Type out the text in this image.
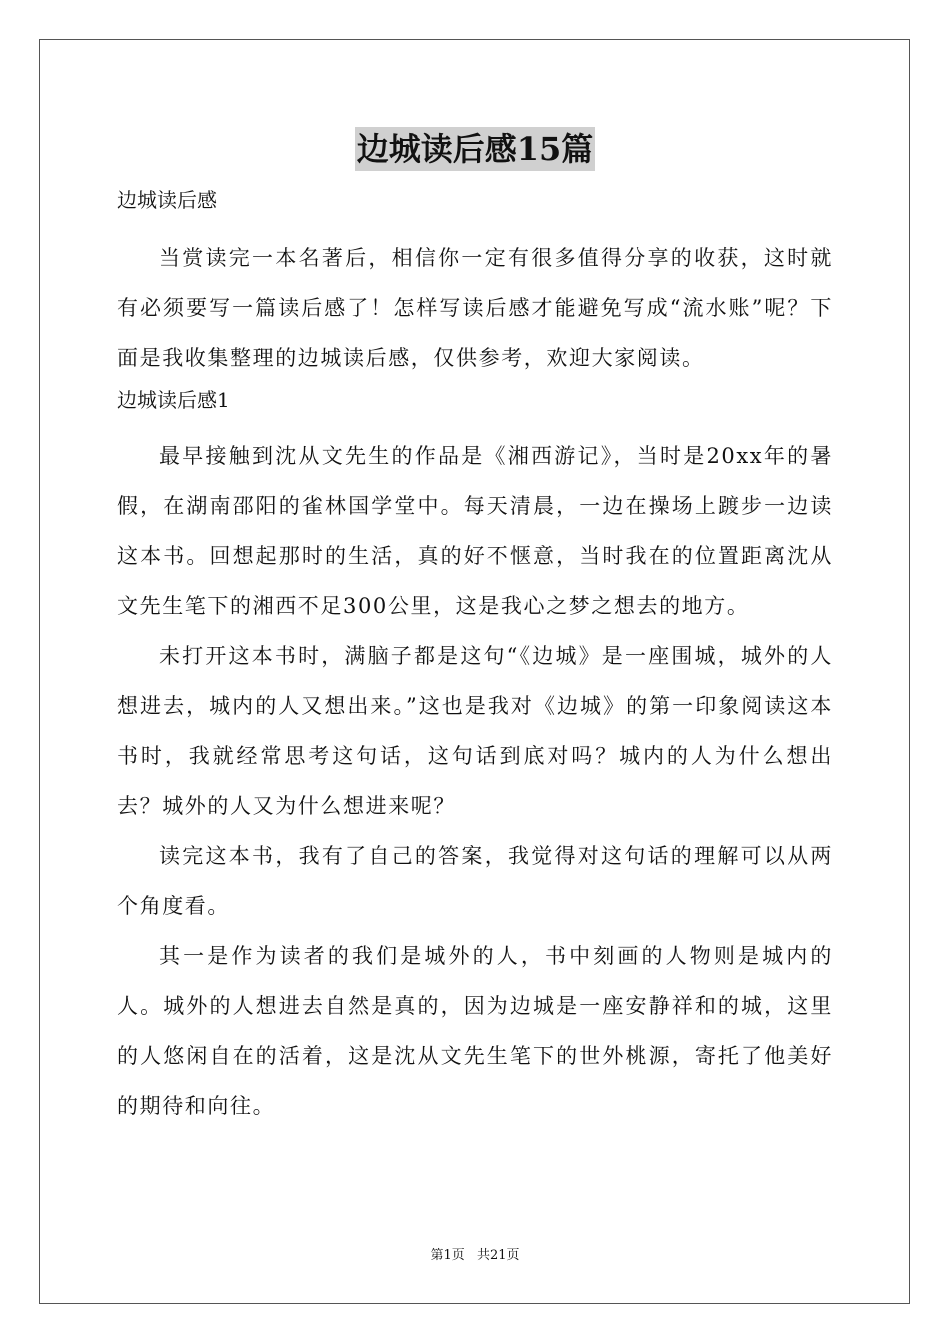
边城读后感15篇

边城读后感

当赏读完一本名著后，相信你一定有很多值得分享的收获，这时就有必须要写一篇读后感了！怎样写读后感才能避免写成“流水账”呢？下面是我收集整理的边城读后感，仅供参考，欢迎大家阅读。

边城读后感1

最早接触到沈从文先生的作品是《湘西游记》，当时是20xx年的暑假，在湖南邵阳的雀林国学堂中。每天清晨，一边在操场上踱步一边读这本书。回想起那时的生活，真的好不惬意，当时我在的位置距离沈从文先生笔下的湘西不足300公里，这是我心之梦之想去的地方。

未打开这本书时，满脑子都是这句“《边城》是一座围城，城外的人想进去，城内的人又想出来。”这也是我对《边城》的第一印象阅读这本书时，我就经常思考这句话，这句话到底对吗？城内的人为什么想出去？城外的人又为什么想进来呢？

读完这本书，我有了自己的答案，我觉得对这句话的理解可以从两个角度看。

其一是作为读者的我们是城外的人，书中刻画的人物则是城内的人。城外的人想进去自然是真的，因为边城是一座安静祥和的城，这里的人悠闲自在的活着，这是沈从文先生笔下的世外桃源，寄托了他美好的期待和向往。

第1页 共21页
